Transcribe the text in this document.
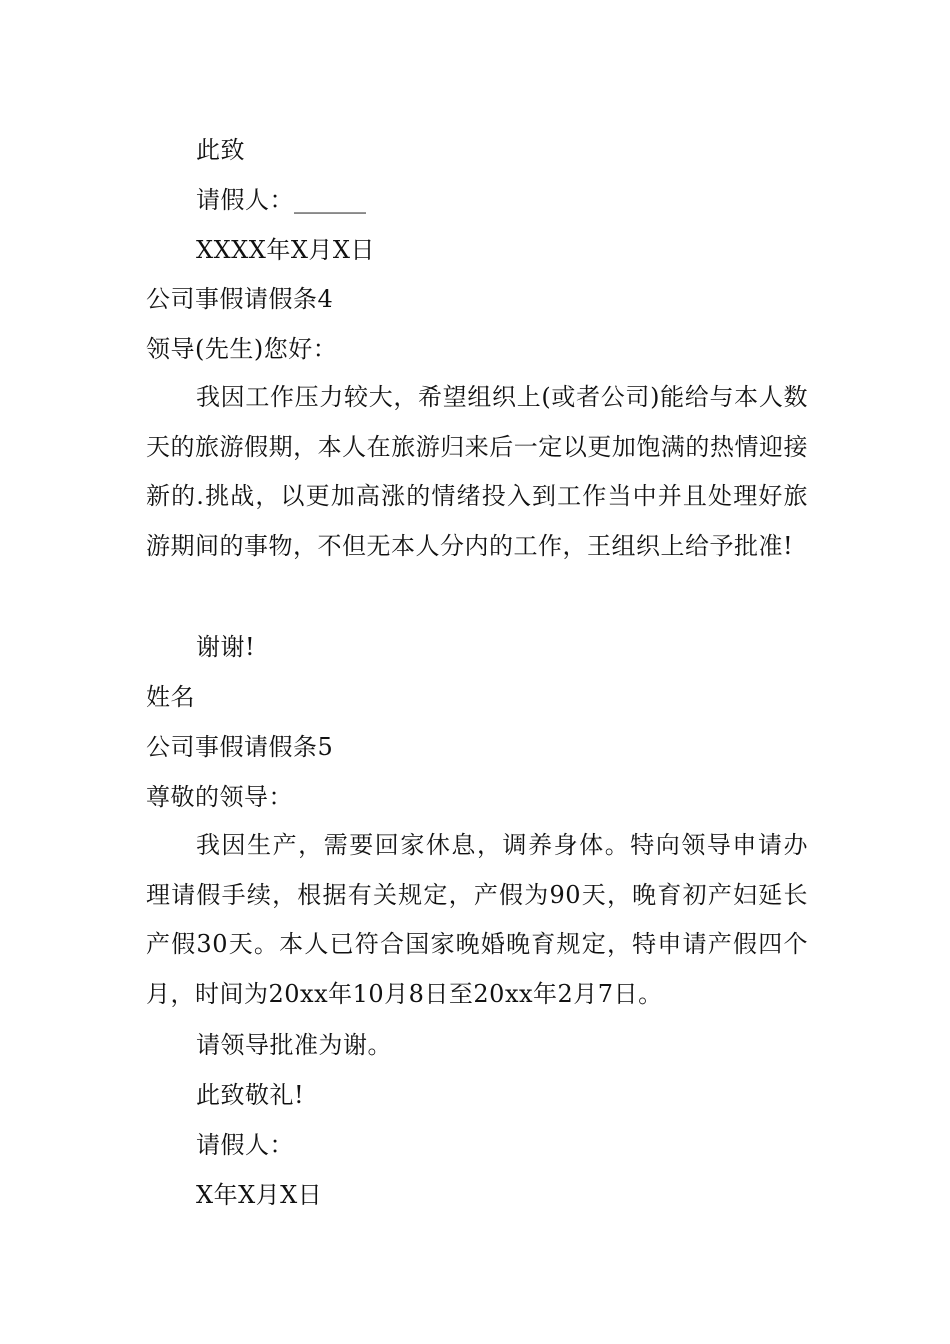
此致
请假人：______
XXXX年X月X日
公司事假请假条4
领导(先生)您好：

我因工作压力较大，希望组织上(或者公司)能给与本人数天的旅游假期，本人在旅游归来后一定以更加饱满的热情迎接新的.挑战，以更加高涨的情绪投入到工作当中并且处理好旅游期间的事物，不但无本人分内的工作，王组织上给予批准!

谢谢!
姓名
公司事假请假条5
尊敬的领导：

我因生产，需要回家休息，调养身体。特向领导申请办理请假手续，根据有关规定，产假为90天，晚育初产妇延长产假30天。本人已符合国家晚婚晚育规定，特申请产假四个月，时间为20xx年10月8日至20xx年2月7日。

请领导批准为谢。
此致敬礼!
请假人：
X年X月X日
